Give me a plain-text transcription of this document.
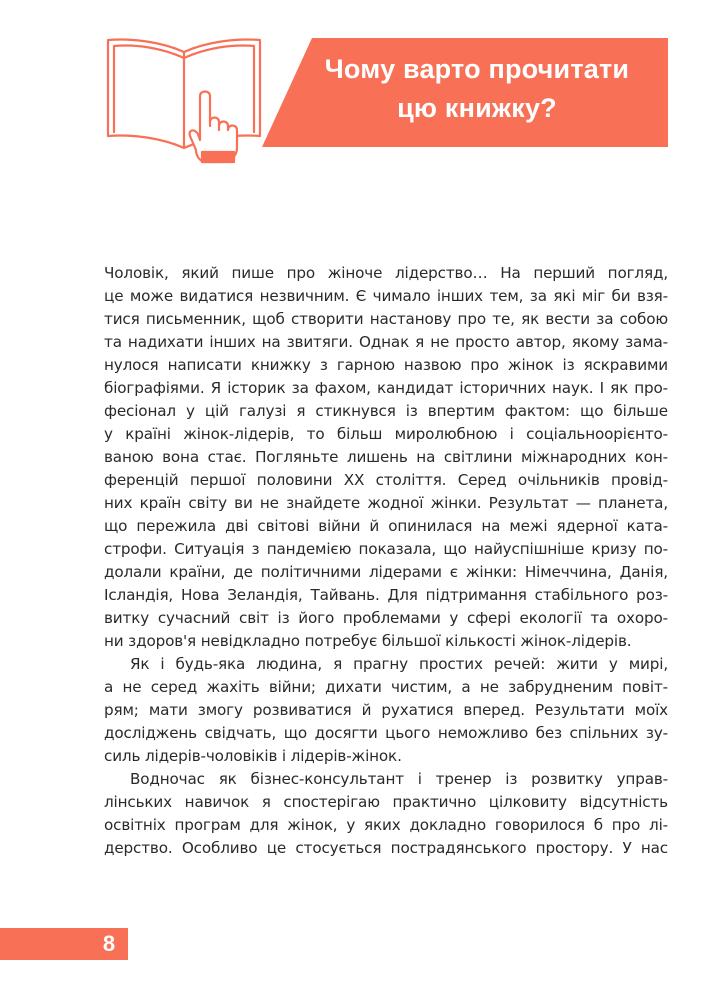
Чому варто прочитати
цю книжку?
Чоловік, який пише про жіноче лідерство… На перший погляд,
це може видатися незвичним. Є чимало інших тем, за які міг би взя-
тися письменник, щоб створити настанову про те, як вести за собою
та надихати інших на звитяги. Однак я не просто автор, якому зама-
нулося написати книжку з гарною назвою про жінок із яскравими
біографіями. Я історик за фахом, кандидат історичних наук. І як про-
фесіонал у цій галузі я стикнувся із впертим фактом: що більше
у країні жінок-лідерів, то більш миролюбною і соціальноорієнто-
ваною вона стає. Погляньте лишень на світлини міжнародних кон-
ференцій першої половини XX століття. Серед очільників провід-
них країн світу ви не знайдете жодної жінки. Результат — планета,
що пережила дві світові війни й опинилася на межі ядерної ката-
строфи. Ситуація з пандемією показала, що найуспішніше кризу по-
долали країни, де політичними лідерами є жінки: Німеччина, Данія,
Ісландія, Нова Зеландія, Тайвань. Для підтримання стабільного роз-
витку сучасний світ із його проблемами у сфері екології та охоро-
ни здоров'я невідкладно потребує більшої кількості жінок-лідерів.
Як і будь-яка людина, я прагну простих речей: жити у мирі,
а не серед жахіть війни; дихати чистим, а не забрудненим повіт-
рям; мати змогу розвиватися й рухатися вперед. Результати моїх
досліджень свідчать, що досягти цього неможливо без спільних зу-
силь лідерів-чоловіків і лідерів-жінок.
Водночас як бізнес-консультант і тренер із розвитку управ-
лінських навичок я спостерігаю практично цілковиту відсутність
освітніх програм для жінок, у яких докладно говорилося б про лі-
дерство. Особливо це стосується пострадянського простору. У нас
8
